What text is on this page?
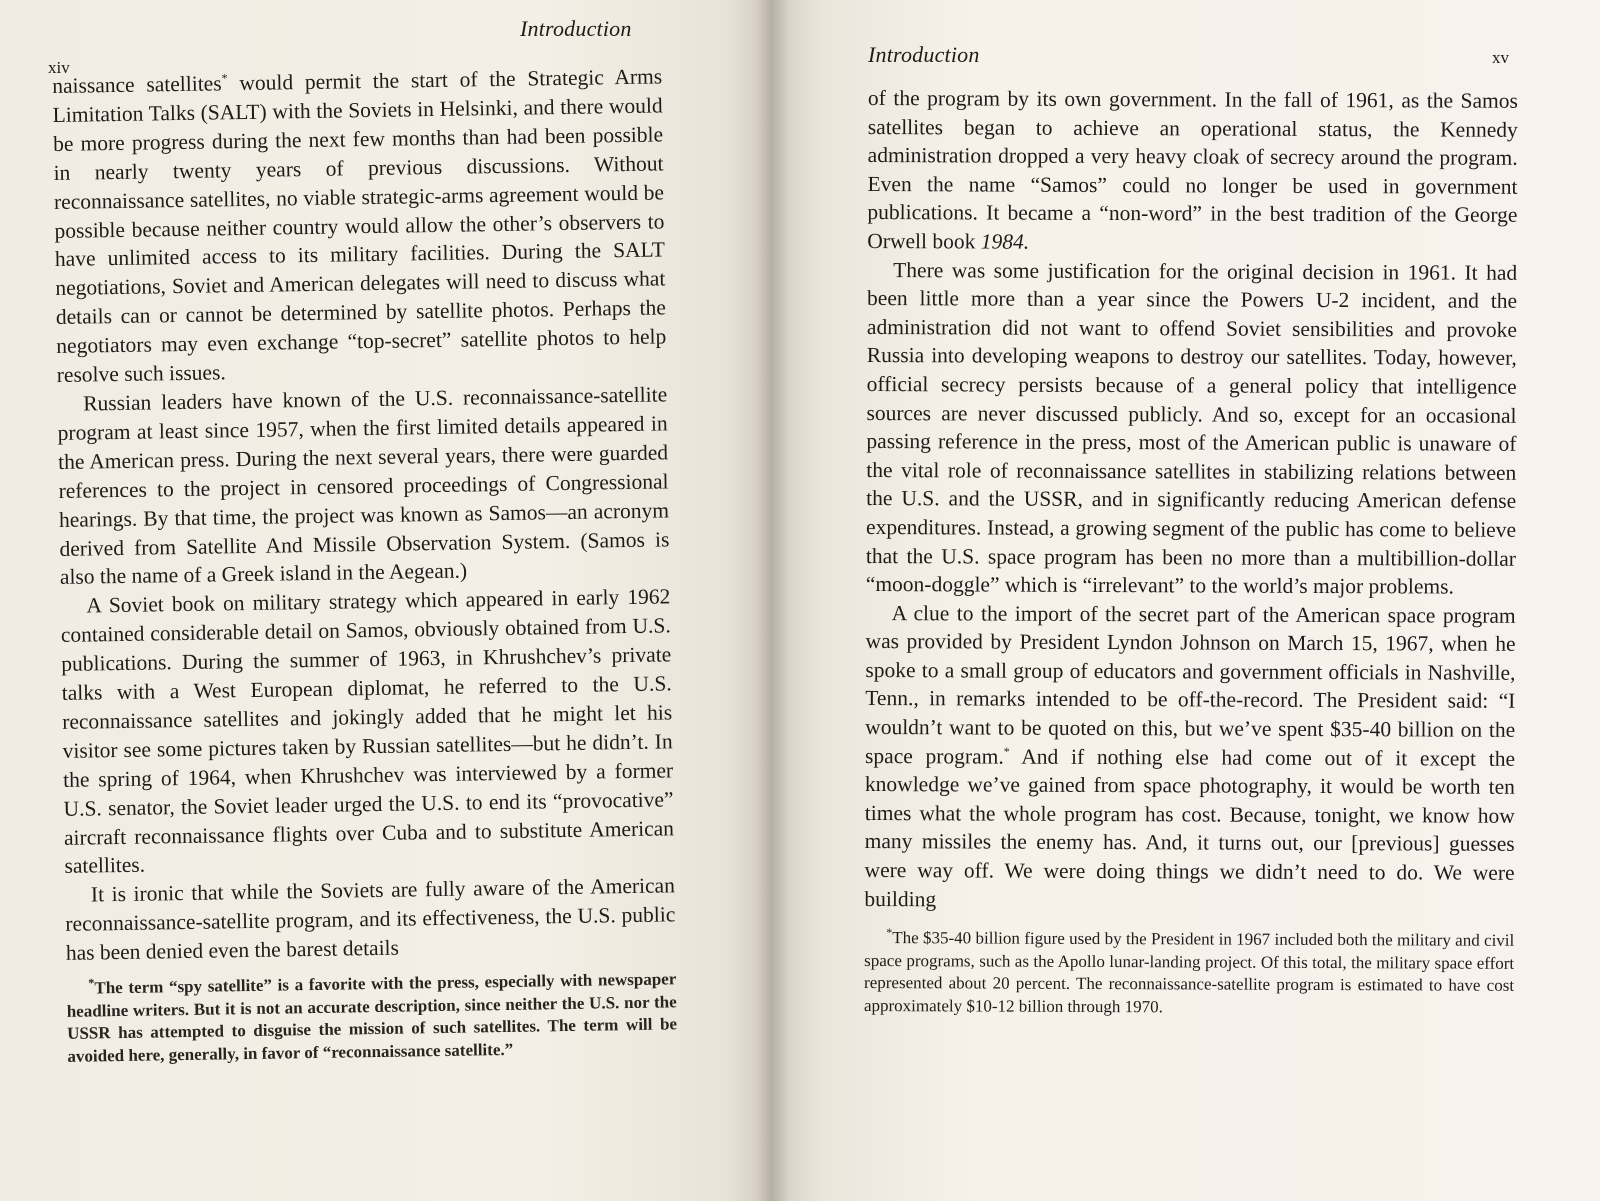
Introduction
xiv

naissance satellites* would permit the start of the Strategic Arms Limitation Talks (SALT) with the Soviets in Helsinki, and there would be more progress during the next few months than had been possible in nearly twenty years of previous discussions. Without reconnaissance satellites, no viable strategic-arms agreement would be possible because neither country would allow the other’s observers to have unlimited access to its military facilities. During the SALT negotiations, Soviet and American delegates will need to discuss what details can or cannot be determined by satellite photos. Perhaps the negotiators may even exchange “top-secret” satellite photos to help resolve such issues.

Russian leaders have known of the U.S. reconnaissance-satellite program at least since 1957, when the first limited details appeared in the American press. During the next several years, there were guarded references to the project in censored proceedings of Congressional hearings. By that time, the project was known as Samos—an acronym derived from Satellite And Missile Observation System. (Samos is also the name of a Greek island in the Aegean.)

A Soviet book on military strategy which appeared in early 1962 contained considerable detail on Samos, obviously obtained from U.S. publications. During the summer of 1963, in Khrushchev’s private talks with a West European diplomat, he referred to the U.S. reconnaissance satellites and jokingly added that he might let his visitor see some pictures taken by Russian satellites—but he didn’t. In the spring of 1964, when Khrushchev was interviewed by a former U.S. senator, the Soviet leader urged the U.S. to end its “provocative” aircraft reconnaissance flights over Cuba and to substitute American satellites.

It is ironic that while the Soviets are fully aware of the American reconnaissance-satellite program, and its effectiveness, the U.S. public has been denied even the barest details

*The term “spy satellite” is a favorite with the press, especially with newspaper headline writers. But it is not an accurate description, since neither the U.S. nor the USSR has attempted to disguise the mission of such satellites. The term will be avoided here, generally, in favor of “reconnaissance satellite.”

Introduction	xv

of the program by its own government. In the fall of 1961, as the Samos satellites began to achieve an operational status, the Kennedy administration dropped a very heavy cloak of secrecy around the program. Even the name “Samos” could no longer be used in government publications. It became a “non-word” in the best tradition of the George Orwell book 1984.

There was some justification for the original decision in 1961. It had been little more than a year since the Powers U-2 incident, and the administration did not want to offend Soviet sensibilities and provoke Russia into developing weapons to destroy our satellites. Today, however, official secrecy persists because of a general policy that intelligence sources are never discussed publicly. And so, except for an occasional passing reference in the press, most of the American public is unaware of the vital role of reconnaissance satellites in stabilizing relations between the U.S. and the USSR, and in significantly reducing American defense expenditures. Instead, a growing segment of the public has come to believe that the U.S. space program has been no more than a multibillion-dollar “moon-doggle” which is “irrelevant” to the world’s major problems.

A clue to the import of the secret part of the American space program was provided by President Lyndon Johnson on March 15, 1967, when he spoke to a small group of educators and government officials in Nashville, Tenn., in remarks intended to be off-the-record. The President said: “I wouldn’t want to be quoted on this, but we’ve spent $35-40 billion on the space program.* And if nothing else had come out of it except the knowledge we’ve gained from space photography, it would be worth ten times what the whole program has cost. Because, tonight, we know how many missiles the enemy has. And, it turns out, our [previous] guesses were way off. We were doing things we didn’t need to do. We were building

*The $35-40 billion figure used by the President in 1967 included both the military and civil space programs, such as the Apollo lunar-landing project. Of this total, the military space effort represented about 20 percent. The reconnaissance-satellite program is estimated to have cost approximately $10-12 billion through 1970.
